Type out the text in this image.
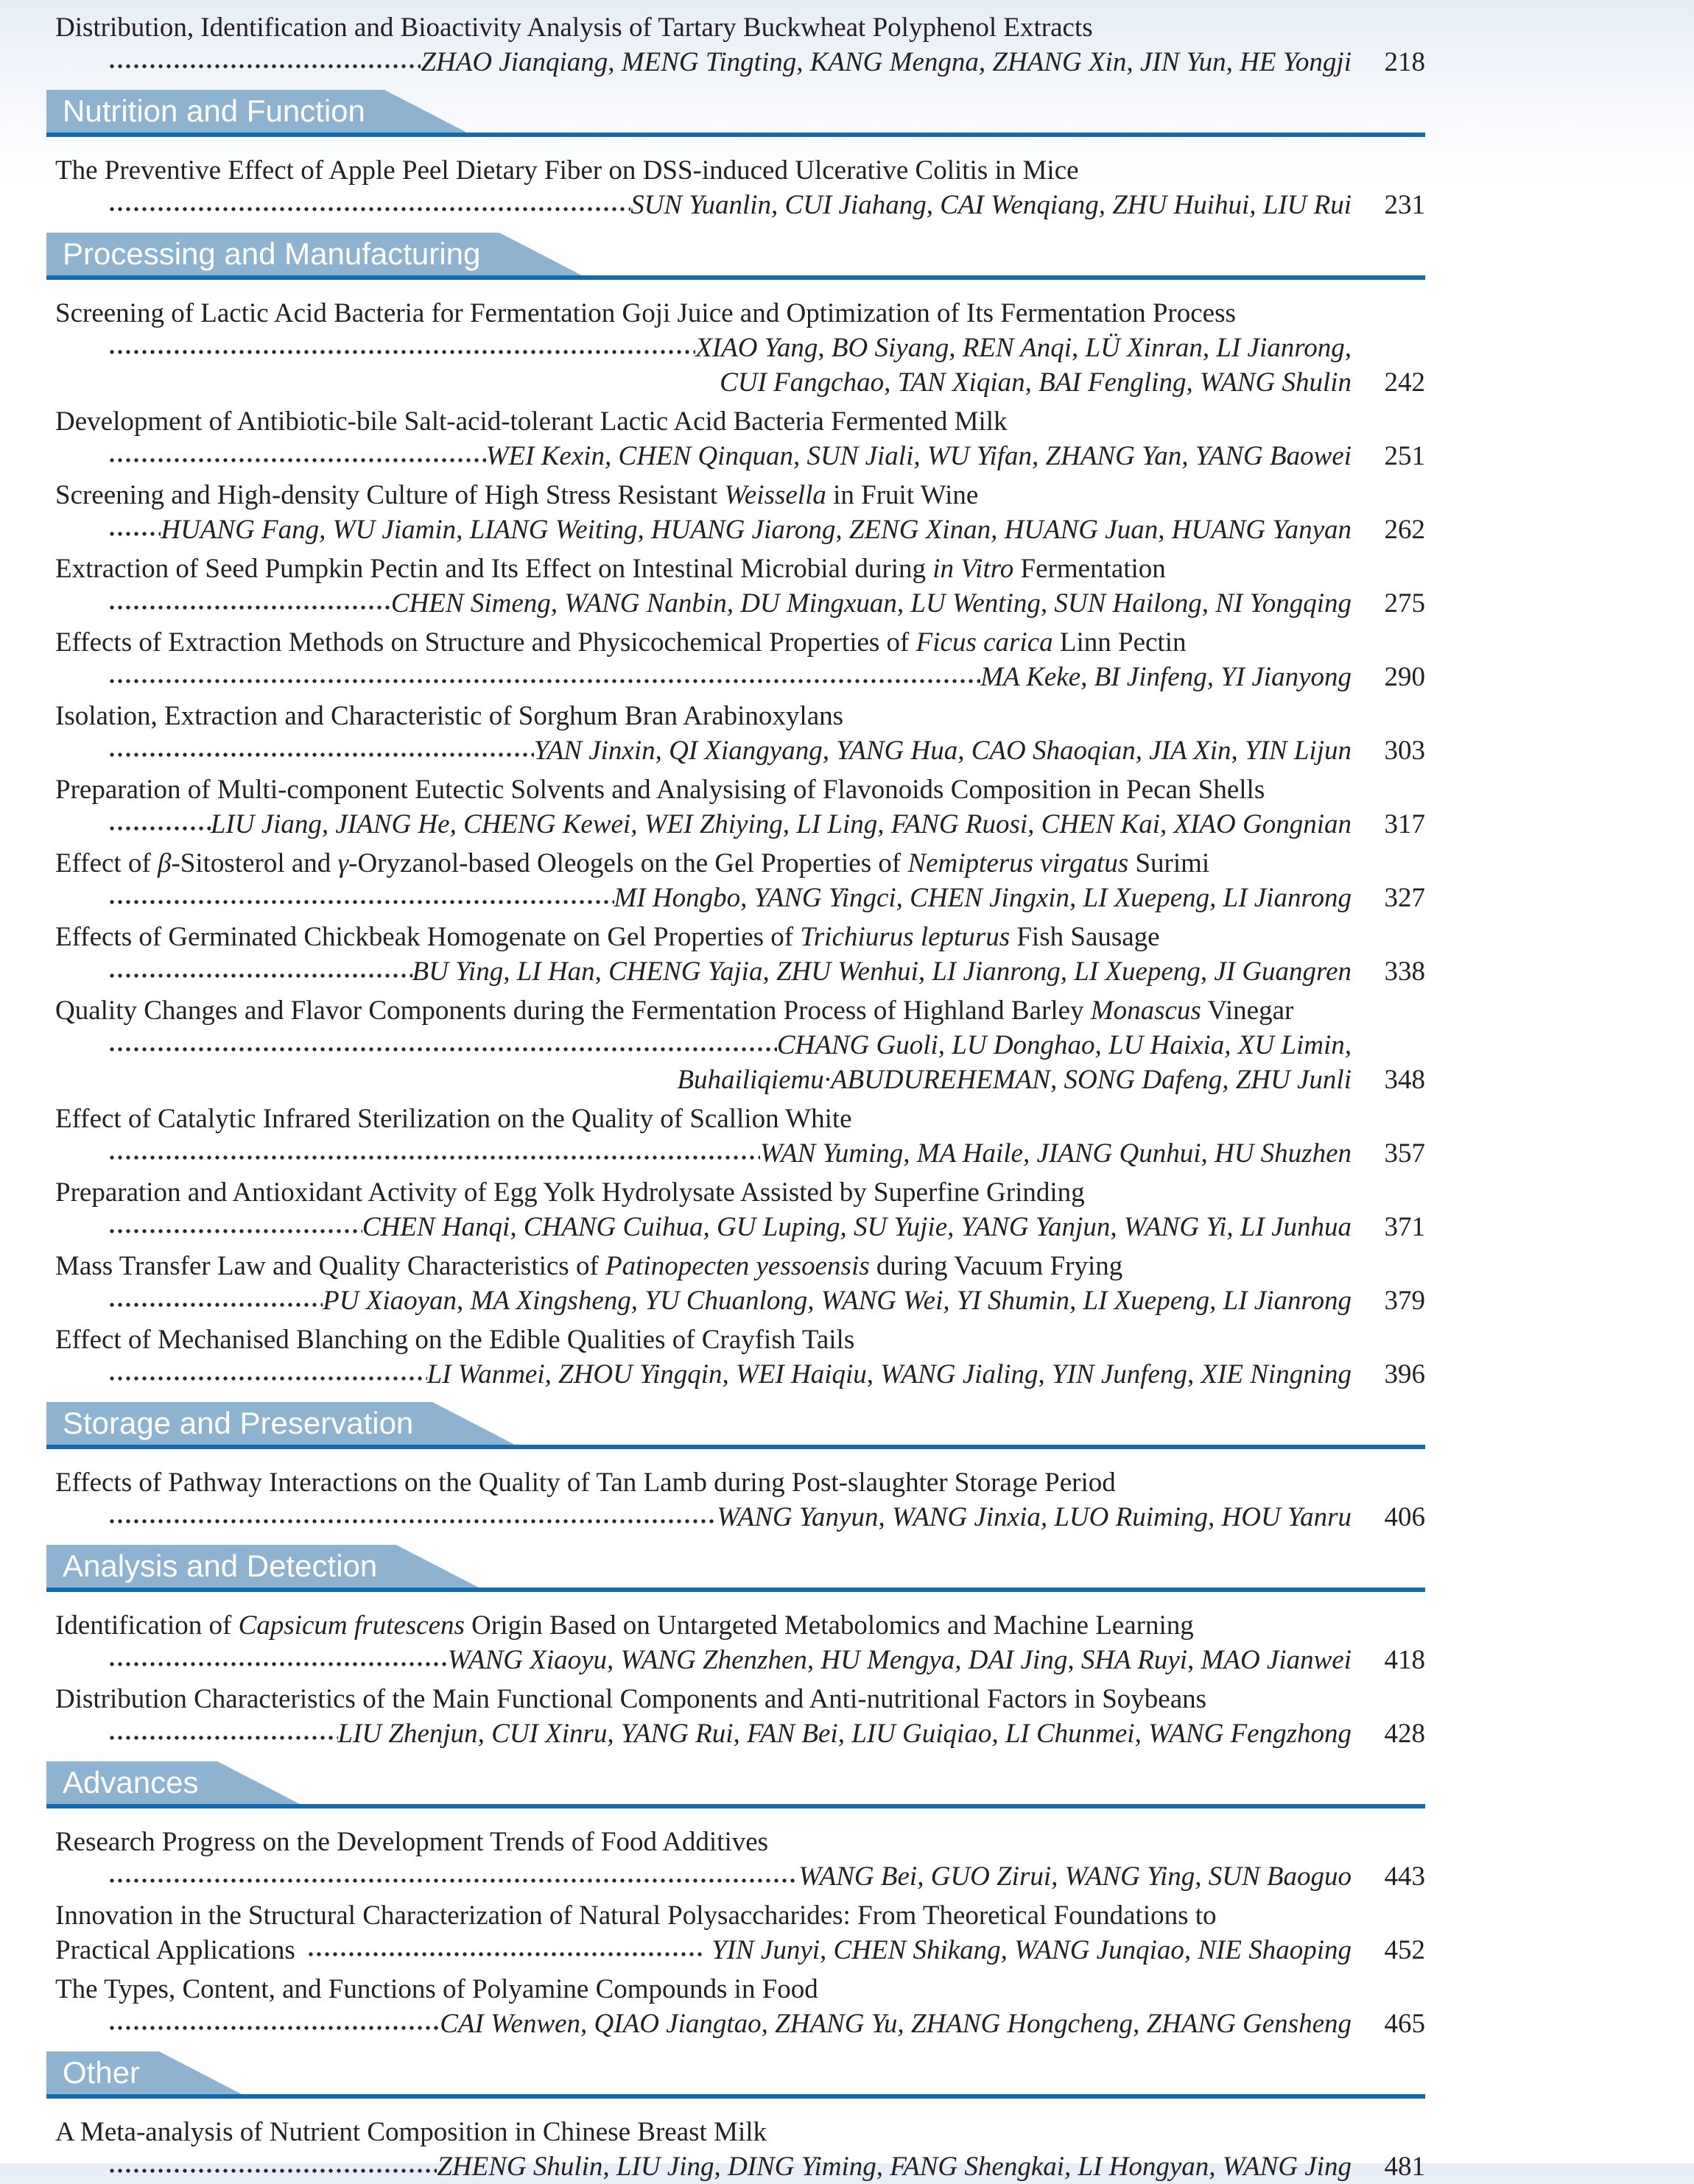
Distribution, Identification and Bioactivity Analysis of Tartary Buckwheat Polyphenol Extracts
ZHAO Jianqiang, MENG Tingting, KANG Mengna, ZHANG Xin, JIN Yun, HE Yongji	218
Nutrition and Function
The Preventive Effect of Apple Peel Dietary Fiber on DSS-induced Ulcerative Colitis in Mice
SUN Yuanlin, CUI Jiahang, CAI Wenqiang, ZHU Huihui, LIU Rui	231
Processing and Manufacturing
Screening of Lactic Acid Bacteria for Fermentation Goji Juice and Optimization of Its Fermentation Process
XIAO Yang, BO Siyang, REN Anqi, LÜ Xinran, LI Jianrong,
CUI Fangchao, TAN Xiqian, BAI Fengling, WANG Shulin	242
Development of Antibiotic-bile Salt-acid-tolerant Lactic Acid Bacteria Fermented Milk
WEI Kexin, CHEN Qinquan, SUN Jiali, WU Yifan, ZHANG Yan, YANG Baowei	251
Screening and High-density Culture of High Stress Resistant Weissella in Fruit Wine
HUANG Fang, WU Jiamin, LIANG Weiting, HUANG Jiarong, ZENG Xinan, HUANG Juan, HUANG Yanyan	262
Extraction of Seed Pumpkin Pectin and Its Effect on Intestinal Microbial during in Vitro Fermentation
CHEN Simeng, WANG Nanbin, DU Mingxuan, LU Wenting, SUN Hailong, NI Yongqing	275
Effects of Extraction Methods on Structure and Physicochemical Properties of Ficus carica Linn Pectin
MA Keke, BI Jinfeng, YI Jianyong	290
Isolation, Extraction and Characteristic of Sorghum Bran Arabinoxylans
YAN Jinxin, QI Xiangyang, YANG Hua, CAO Shaoqian, JIA Xin, YIN Lijun	303
Preparation of Multi-component Eutectic Solvents and Analysising of Flavonoids Composition in Pecan Shells
LIU Jiang, JIANG He, CHENG Kewei, WEI Zhiying, LI Ling, FANG Ruosi, CHEN Kai, XIAO Gongnian	317
Effect of β-Sitosterol and γ-Oryzanol-based Oleogels on the Gel Properties of Nemipterus virgatus Surimi
MI Hongbo, YANG Yingci, CHEN Jingxin, LI Xuepeng, LI Jianrong	327
Effects of Germinated Chickbeak Homogenate on Gel Properties of Trichiurus lepturus Fish Sausage
BU Ying, LI Han, CHENG Yajia, ZHU Wenhui, LI Jianrong, LI Xuepeng, JI Guangren	338
Quality Changes and Flavor Components during the Fermentation Process of Highland Barley Monascus Vinegar
CHANG Guoli, LU Donghao, LU Haixia, XU Limin,
Buhailiqiemu·ABUDUREHEMAN, SONG Dafeng, ZHU Junli	348
Effect of Catalytic Infrared Sterilization on the Quality of Scallion White
WAN Yuming, MA Haile, JIANG Qunhui, HU Shuzhen	357
Preparation and Antioxidant Activity of Egg Yolk Hydrolysate Assisted by Superfine Grinding
CHEN Hanqi, CHANG Cuihua, GU Luping, SU Yujie, YANG Yanjun, WANG Yi, LI Junhua	371
Mass Transfer Law and Quality Characteristics of Patinopecten yessoensis during Vacuum Frying
PU Xiaoyan, MA Xingsheng, YU Chuanlong, WANG Wei, YI Shumin, LI Xuepeng, LI Jianrong	379
Effect of Mechanised Blanching on the Edible Qualities of Crayfish Tails
LI Wanmei, ZHOU Yingqin, WEI Haiqiu, WANG Jialing, YIN Junfeng, XIE Ningning	396
Storage and Preservation
Effects of Pathway Interactions on the Quality of Tan Lamb during Post-slaughter Storage Period
WANG Yanyun, WANG Jinxia, LUO Ruiming, HOU Yanru	406
Analysis and Detection
Identification of Capsicum frutescens Origin Based on Untargeted Metabolomics and Machine Learning
WANG Xiaoyu, WANG Zhenzhen, HU Mengya, DAI Jing, SHA Ruyi, MAO Jianwei	418
Distribution Characteristics of the Main Functional Components and Anti-nutritional Factors in Soybeans
LIU Zhenjun, CUI Xinru, YANG Rui, FAN Bei, LIU Guiqiao, LI Chunmei, WANG Fengzhong	428
Advances
Research Progress on the Development Trends of Food Additives
WANG Bei, GUO Zirui, WANG Ying, SUN Baoguo	443
Innovation in the Structural Characterization of Natural Polysaccharides: From Theoretical Foundations to
Practical Applications	YIN Junyi, CHEN Shikang, WANG Junqiao, NIE Shaoping	452
The Types, Content, and Functions of Polyamine Compounds in Food
CAI Wenwen, QIAO Jiangtao, ZHANG Yu, ZHANG Hongcheng, ZHANG Gensheng	465
Other
A Meta-analysis of Nutrient Composition in Chinese Breast Milk
ZHENG Shulin, LIU Jing, DING Yiming, FANG Shengkai, LI Hongyan, WANG Jing	481
